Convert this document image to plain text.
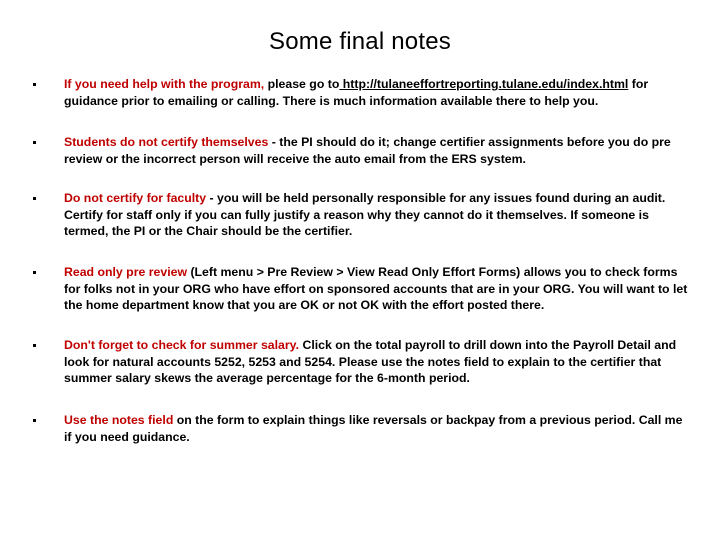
Some final notes
If you need help with the program, please go to http://tulaneeffortreporting.tulane.edu/index.html for guidance prior to emailing or calling. There is much information available there to help you.
Students do not certify themselves - the PI should do it; change certifier assignments before you do pre review or the incorrect person will receive the auto email from the ERS system.
Do not certify for faculty - you will be held personally responsible for any issues found during an audit. Certify for staff only if you can fully justify a reason why they cannot do it themselves. If someone is termed, the PI or the Chair should be the certifier.
Read only pre review (Left menu > Pre Review > View Read Only Effort Forms) allows you to check forms for folks not in your ORG who have effort on sponsored accounts that are in your ORG. You will want to let the home department know that you are OK or not OK with the effort posted there.
Don't forget to check for summer salary. Click on the total payroll to drill down into the Payroll Detail and look for natural accounts 5252, 5253 and 5254. Please use the notes field to explain to the certifier that summer salary skews the average percentage for the 6-month period.
Use the notes field on the form to explain things like reversals or backpay from a previous period. Call me if you need guidance.
